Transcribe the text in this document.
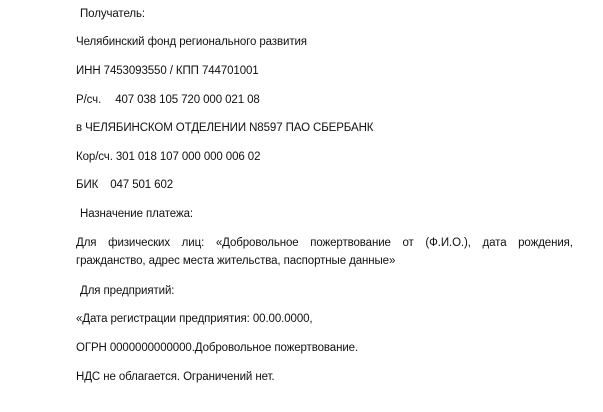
Получатель:
Челябинский фонд регионального развития
ИНН 7453093550 / КПП 744701001
Р/сч. 407 038 105 720 000 021 08
в ЧЕЛЯБИНСКОМ ОТДЕЛЕНИИ N8597 ПАО СБЕРБАНК
Кор/сч. 301 018 107 000 000 006 02
БИК 047 501 602
Назначение платежа:
Для физических лиц: «Добровольное пожертвование от (Ф.И.О.), дата рождения,
гражданство, адрес места жительства, паспортные данные»
Для предприятий:
«Дата регистрации предприятия: 00.00.0000,
ОГРН 0000000000000.Добровольное пожертвование.
НДС не облагается. Ограничений нет.
